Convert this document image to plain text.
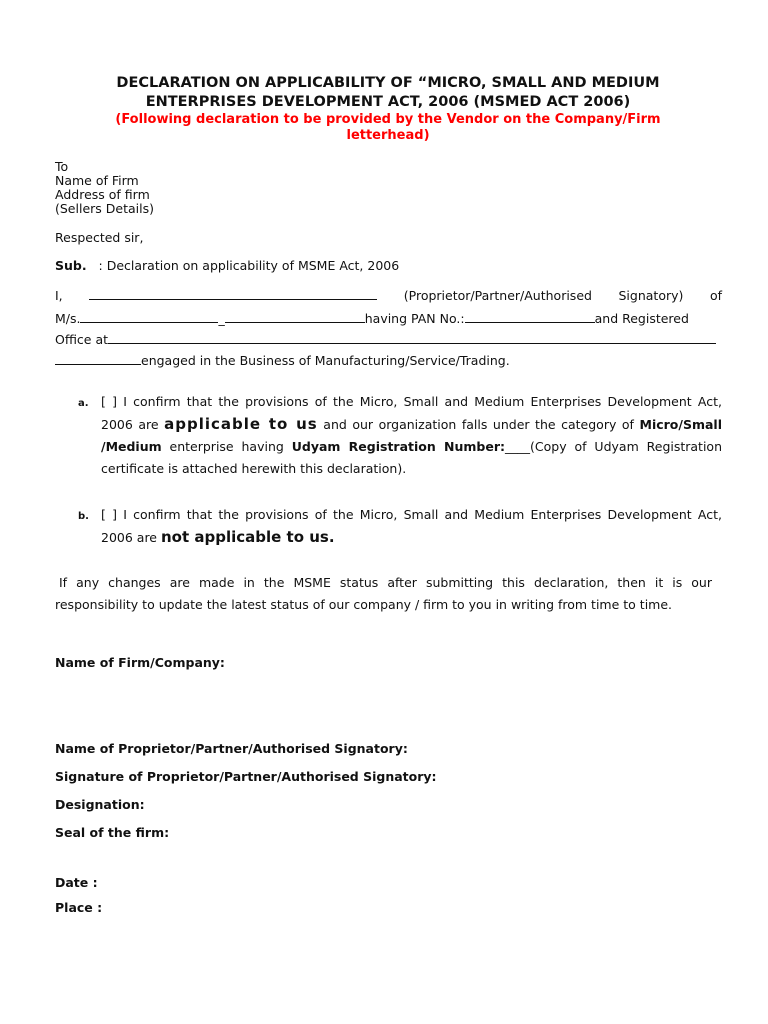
DECLARATION ON APPLICABILITY OF “MICRO, SMALL AND MEDIUM
ENTERPRISES DEVELOPMENT ACT, 2006 (MSMED ACT 2006)

(Following declaration to be provided by the Vendor on the Company/Firm
letterhead)

To
Name of Firm
Address of firm
(Sellers Details)
Respected sir,
Sub. : Declaration on applicability of MSME Act, 2006
I,	(Proprietor/Partner/Authorised Signatory) of
M/s.	_	having PAN No.:	and Registered
Office at
engaged in the Business of Manufacturing/Service/Trading.
a. [ ] I confirm that the provisions of the Micro, Small and Medium Enterprises Development Act, 2006 are applicable to us and our organization falls under the category of Micro/Small /Medium enterprise having Udyam Registration Number:____(Copy of Udyam Registration certificate is attached herewith this declaration).
b. [ ] I confirm that the provisions of the Micro, Small and Medium Enterprises Development Act, 2006 are not applicable to us.
If any changes are made in the MSME status after submitting this declaration, then it is our responsibility to update the latest status of our company / firm to you in writing from time to time.
Name of Firm/Company:
Name of Proprietor/Partner/Authorised Signatory:
Signature of Proprietor/Partner/Authorised Signatory:
Designation:
Seal of the firm:
Date :
Place :
